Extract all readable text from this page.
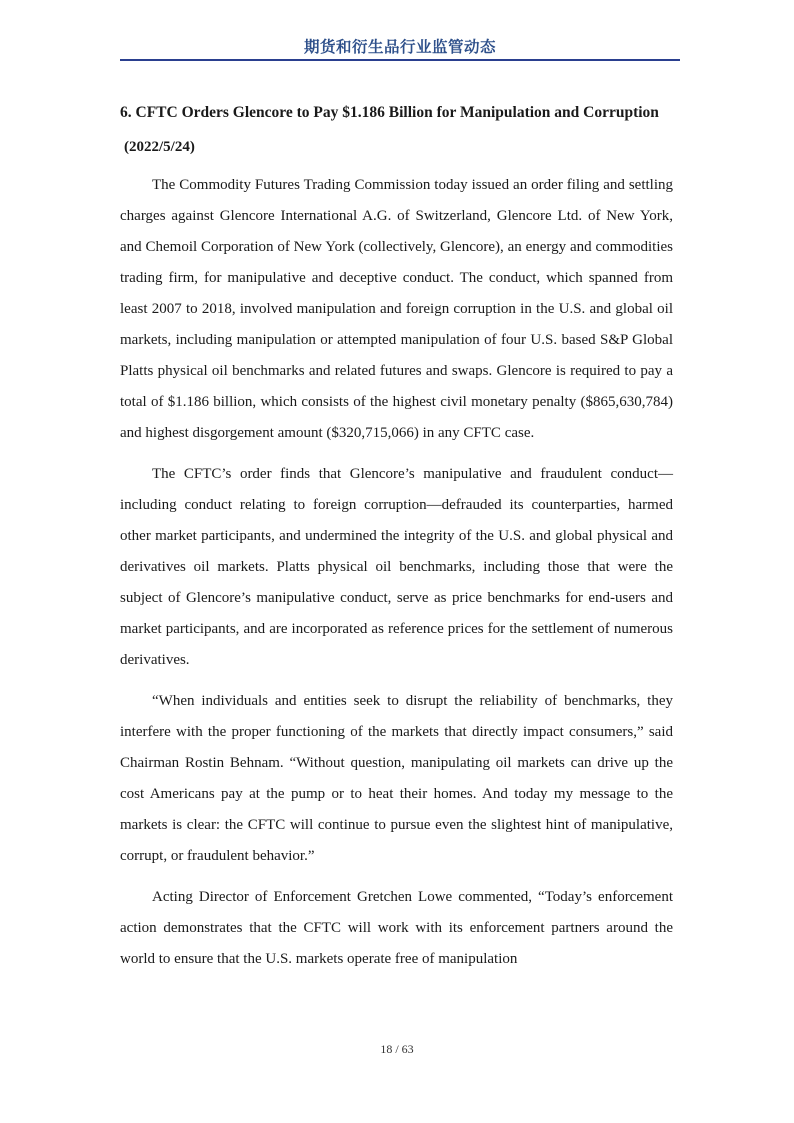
期货和衍生品行业监管动态

6. CFTC Orders Glencore to Pay $1.186 Billion for Manipulation and Corruption

(2022/5/24)

The Commodity Futures Trading Commission today issued an order filing and settling charges against Glencore International A.G. of Switzerland, Glencore Ltd. of New York, and Chemoil Corporation of New York (collectively, Glencore), an energy and commodities trading firm, for manipulative and deceptive conduct. The conduct, which spanned from least 2007 to 2018, involved manipulation and foreign corruption in the U.S. and global oil markets, including manipulation or attempted manipulation of four U.S. based S&P Global Platts physical oil benchmarks and related futures and swaps. Glencore is required to pay a total of $1.186 billion, which consists of the highest civil monetary penalty ($865,630,784) and highest disgorgement amount ($320,715,066) in any CFTC case.

The CFTC’s order finds that Glencore’s manipulative and fraudulent conduct—including conduct relating to foreign corruption—defrauded its counterparties, harmed other market participants, and undermined the integrity of the U.S. and global physical and derivatives oil markets. Platts physical oil benchmarks, including those that were the subject of Glencore’s manipulative conduct, serve as price benchmarks for end-users and market participants, and are incorporated as reference prices for the settlement of numerous derivatives.

“When individuals and entities seek to disrupt the reliability of benchmarks, they interfere with the proper functioning of the markets that directly impact consumers,” said Chairman Rostin Behnam. “Without question, manipulating oil markets can drive up the cost Americans pay at the pump or to heat their homes. And today my message to the markets is clear: the CFTC will continue to pursue even the slightest hint of manipulative, corrupt, or fraudulent behavior.”

Acting Director of Enforcement Gretchen Lowe commented, “Today’s enforcement action demonstrates that the CFTC will work with its enforcement partners around the world to ensure that the U.S. markets operate free of manipulation

18 / 63
